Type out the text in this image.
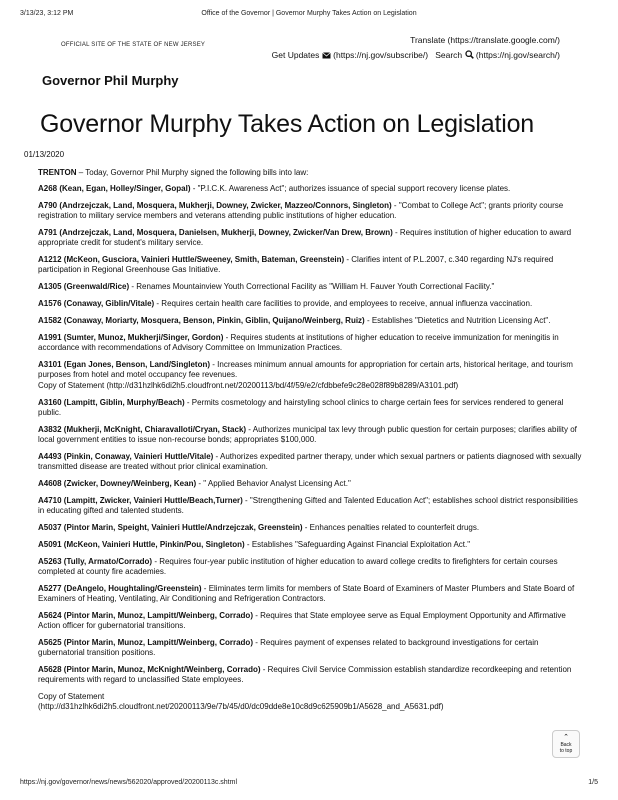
3/13/23, 3:12 PM	Office of the Governor | Governor Murphy Takes Action on Legislation
OFFICIAL SITE OF THE STATE OF NEW JERSEY	Translate (https://translate.google.com/)
Get Updates (https://nj.gov/subscribe/) Search (https://nj.gov/search/)
Governor Phil Murphy
Governor Murphy Takes Action on Legislation
01/13/2020

TRENTON – Today, Governor Phil Murphy signed the following bills into law:

A268 (Kean, Egan, Holley/Singer, Gopal) - "P.I.C.K. Awareness Act"; authorizes issuance of special support recovery license plates.

A790 (Andrzejczak, Land, Mosquera, Mukherji, Downey, Zwicker, Mazzeo/Connors, Singleton) - "Combat to College Act"; grants priority course registration to military service members and veterans attending public institutions of higher education.

A791 (Andrzejczak, Land, Mosquera, Danielsen, Mukherji, Downey, Zwicker/Van Drew, Brown) - Requires institution of higher education to award appropriate credit for student's military service.

A1212 (McKeon, Gusciora, Vainieri Huttle/Sweeney, Smith, Bateman, Greenstein) - Clarifies intent of P.L.2007, c.340 regarding NJ's required participation in Regional Greenhouse Gas Initiative.

A1305 (Greenwald/Rice) - Renames Mountainview Youth Correctional Facility as "William H. Fauver Youth Correctional Facility."

A1576 (Conaway, Giblin/Vitale) - Requires certain health care facilities to provide, and employees to receive, annual influenza vaccination.

A1582 (Conaway, Moriarty, Mosquera, Benson, Pinkin, Giblin, Quijano/Weinberg, Ruiz) - Establishes "Dietetics and Nutrition Licensing Act".

A1991 (Sumter, Munoz, Mukherji/Singer, Gordon) - Requires students at institutions of higher education to receive immunization for meningitis in accordance with recommendations of Advisory Committee on Immunization Practices.

A3101 (Egan Jones, Benson, Land/Singleton) - Increases minimum annual amounts for appropriation for certain arts, historical heritage, and tourism purposes from hotel and motel occupancy fee revenues.

Copy of Statement (http://d31hzlhk6di2h5.cloudfront.net/20200113/bd/4f/59/e2/cfdbbefe9c28e028f89b8289/A3101.pdf)

A3160 (Lampitt, Giblin, Murphy/Beach) - Permits cosmetology and hairstyling school clinics to charge certain fees for services rendered to general public.

A3832 (Mukherji, McKnight, Chiaravalloti/Cryan, Stack) - Authorizes municipal tax levy through public question for certain purposes; clarifies ability of local government entities to issue non-recourse bonds; appropriates $100,000.

A4493 (Pinkin, Conaway, Vainieri Huttle/Vitale) - Authorizes expedited partner therapy, under which sexual partners or patients diagnosed with sexually transmitted disease are treated without prior clinical examination.

A4608 (Zwicker, Downey/Weinberg, Kean) - " Applied Behavior Analyst Licensing Act."

A4710 (Lampitt, Zwicker, Vainieri Huttle/Beach,Turner) - "Strengthening Gifted and Talented Education Act"; establishes school district responsibilities in educating gifted and talented students.

A5037 (Pintor Marin, Speight, Vainieri Huttle/Andrzejczak, Greenstein) - Enhances penalties related to counterfeit drugs.

A5091 (McKeon, Vainieri Huttle, Pinkin/Pou, Singleton) - Establishes "Safeguarding Against Financial Exploitation Act."

A5263 (Tully, Armato/Corrado) - Requires four-year public institution of higher education to award college credits to firefighters for certain courses completed at county fire academies.

A5277 (DeAngelo, Houghtaling/Greenstein) - Eliminates term limits for members of State Board of Examiners of Master Plumbers and State Board of Examiners of Heating, Ventilating, Air Conditioning and Refrigeration Contractors.

A5624 (Pintor Marin, Munoz, Lampitt/Weinberg, Corrado) - Requires that State employee serve as Equal Employment Opportunity and Affirmative Action officer for gubernatorial transitions.

A5625 (Pintor Marin, Munoz, Lampitt/Weinberg, Corrado) - Requires payment of expenses related to background investigations for certain gubernatorial transition positions.

A5628 (Pintor Marin, Munoz, McKnight/Weinberg, Corrado) - Requires Civil Service Commission establish standardize recordkeeping and retention requirements with regard to unclassified State employees.

Copy of Statement
(http://d31hzlhk6di2h5.cloudfront.net/20200113/9e/7b/45/d0/dc09dde8e10c8d9c625909b1/A5628_and_A5631.pdf)

⌃
Back
to top
https://nj.gov/governor/news/news/562020/approved/20200113c.shtml	1/5
